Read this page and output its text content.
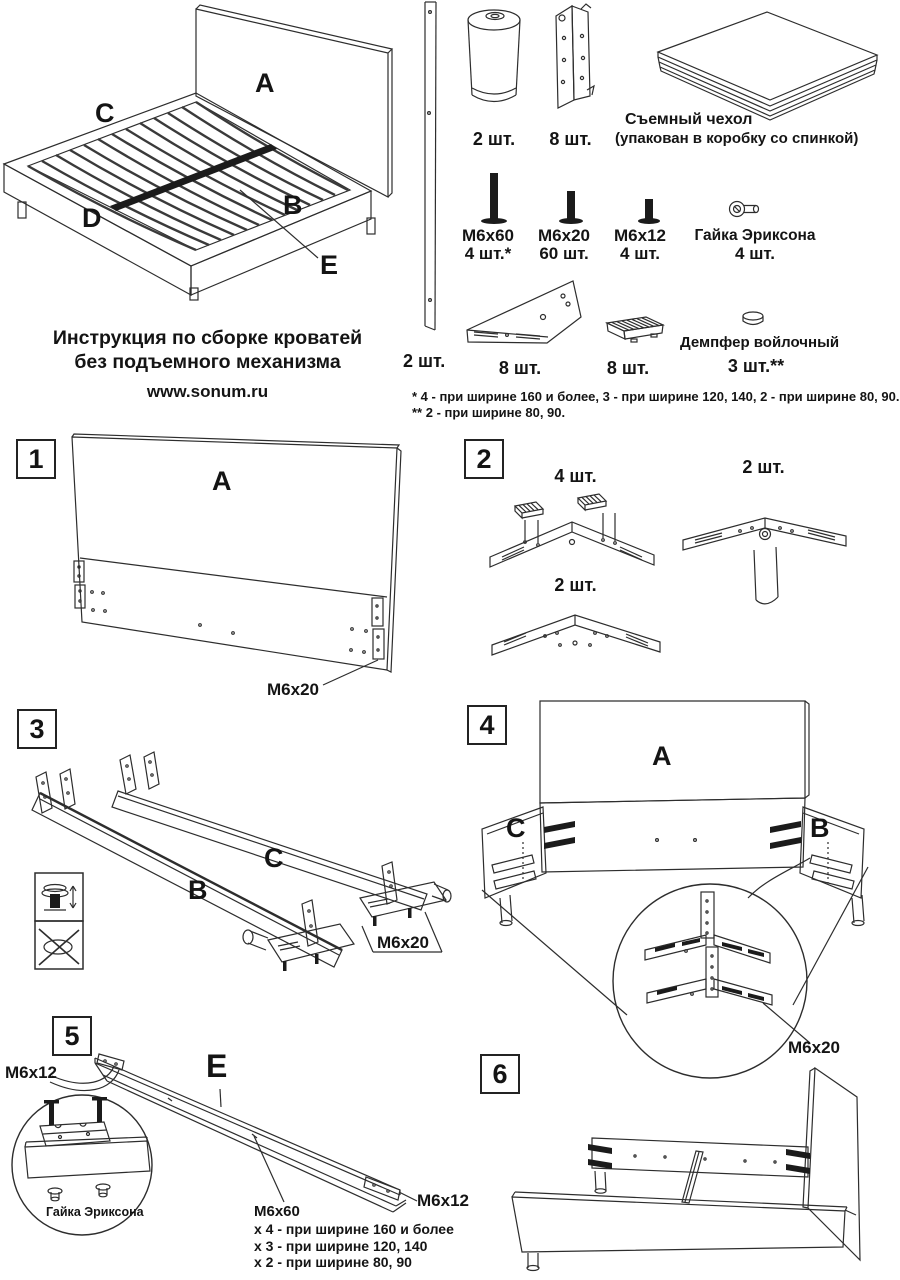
A
C
D	B
E
Инструкция по сборке кроватей
без подъемного механизма
www.sonum.ru
2 шт.
2 шт.	8 шт.
Съемный чехол
(упакован в коробку со спинкой)
M6x60
4 шт.*
M6x20
60 шт.
M6x12
4 шт.
Гайка Эриксона
4 шт.
8 шт.	8 шт.
Демпфер войлочный
3 шт.**
* 4 - при ширине 160 и более, 3 - при ширине 120, 140, 2 - при ширине 80, 90.
** 2 - при ширине 80, 90.
1	2
3	4
5
6
A
M6x20
4 шт.	2 шт.
2 шт.
C
B
M6x20
A
C	B
M6x20
E
M6x12
M6x12
Гайка Эриксона	M6x60
x 4 - при ширине 160 и более
x 3 - при ширине 120, 140
x 2 - при ширине 80, 90
